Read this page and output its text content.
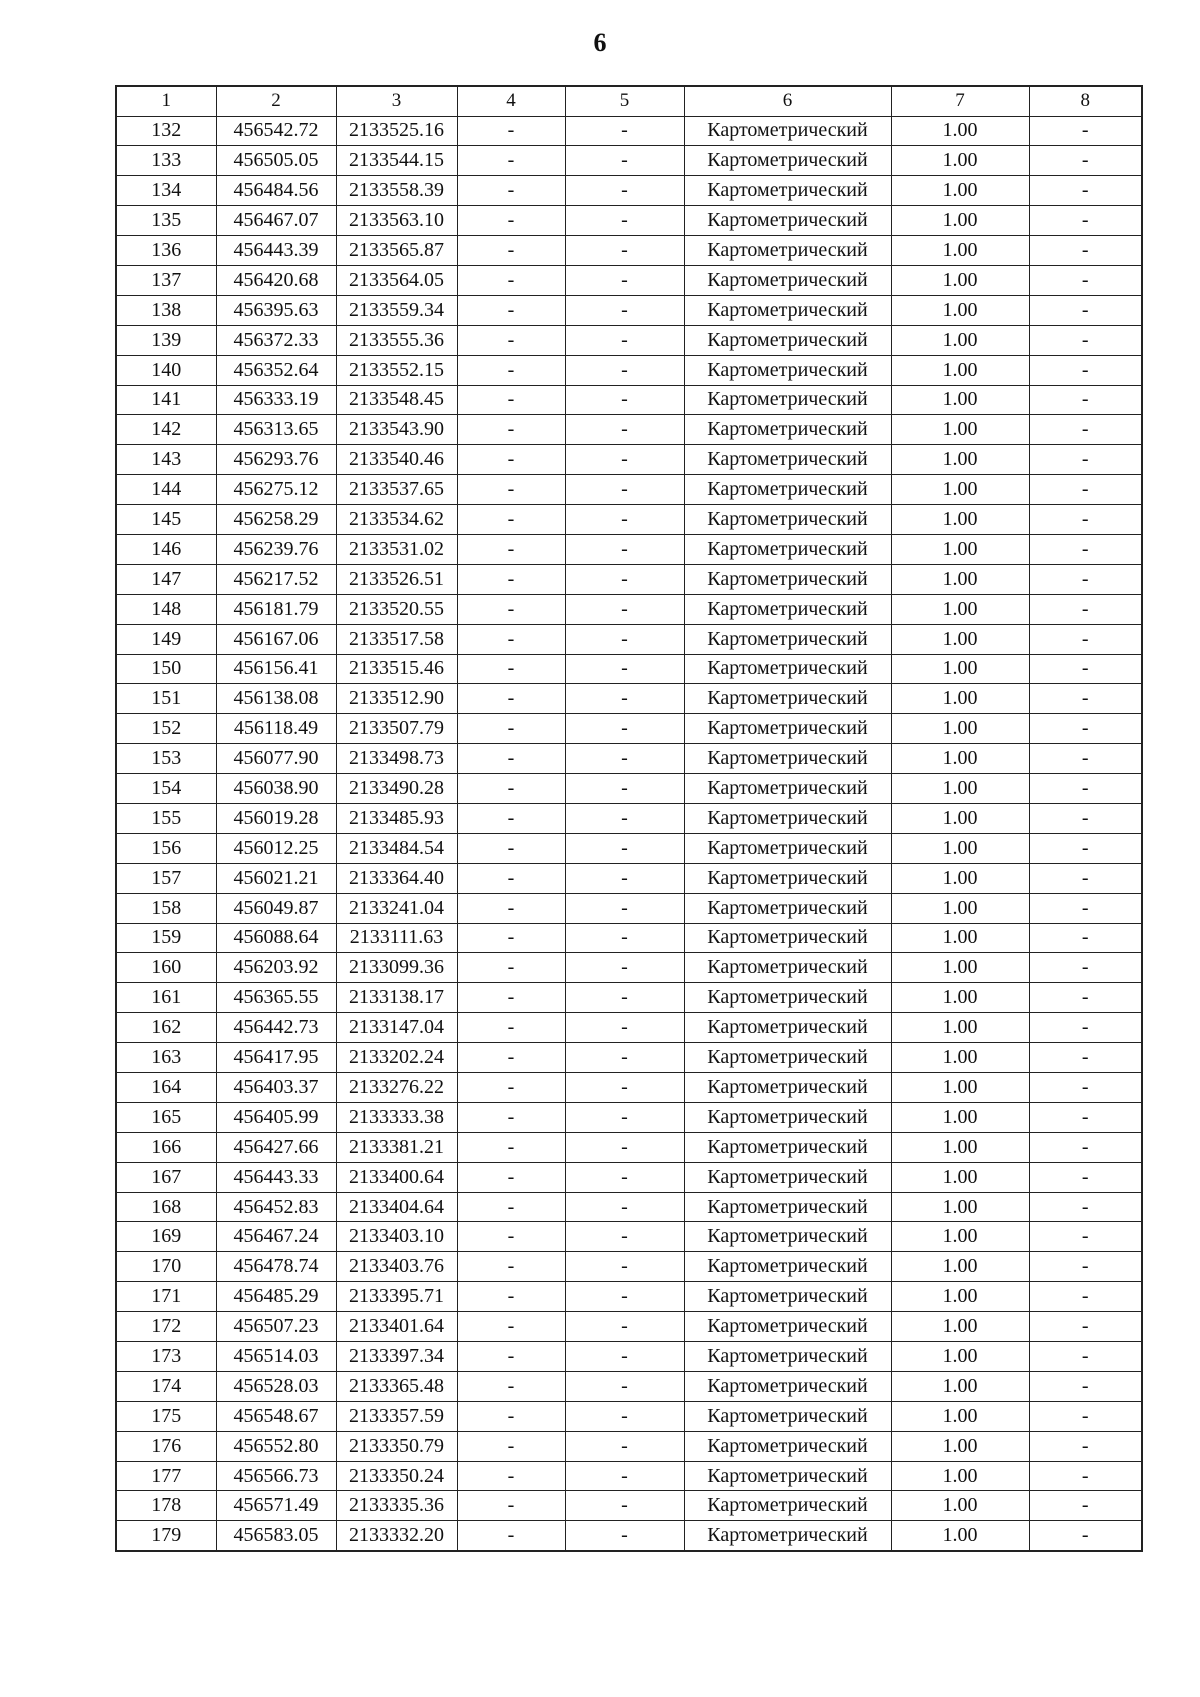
6
1	2	3	4	5	6	7	8
132	456542.72	2133525.16	-	-	Картометрический	1.00	-
133	456505.05	2133544.15	-	-	Картометрический	1.00	-
134	456484.56	2133558.39	-	-	Картометрический	1.00	-
135	456467.07	2133563.10	-	-	Картометрический	1.00	-
136	456443.39	2133565.87	-	-	Картометрический	1.00	-
137	456420.68	2133564.05	-	-	Картометрический	1.00	-
138	456395.63	2133559.34	-	-	Картометрический	1.00	-
139	456372.33	2133555.36	-	-	Картометрический	1.00	-
140	456352.64	2133552.15	-	-	Картометрический	1.00	-
141	456333.19	2133548.45	-	-	Картометрический	1.00	-
142	456313.65	2133543.90	-	-	Картометрический	1.00	-
143	456293.76	2133540.46	-	-	Картометрический	1.00	-
144	456275.12	2133537.65	-	-	Картометрический	1.00	-
145	456258.29	2133534.62	-	-	Картометрический	1.00	-
146	456239.76	2133531.02	-	-	Картометрический	1.00	-
147	456217.52	2133526.51	-	-	Картометрический	1.00	-
148	456181.79	2133520.55	-	-	Картометрический	1.00	-
149	456167.06	2133517.58	-	-	Картометрический	1.00	-
150	456156.41	2133515.46	-	-	Картометрический	1.00	-
151	456138.08	2133512.90	-	-	Картометрический	1.00	-
152	456118.49	2133507.79	-	-	Картометрический	1.00	-
153	456077.90	2133498.73	-	-	Картометрический	1.00	-
154	456038.90	2133490.28	-	-	Картометрический	1.00	-
155	456019.28	2133485.93	-	-	Картометрический	1.00	-
156	456012.25	2133484.54	-	-	Картометрический	1.00	-
157	456021.21	2133364.40	-	-	Картометрический	1.00	-
158	456049.87	2133241.04	-	-	Картометрический	1.00	-
159	456088.64	2133111.63	-	-	Картометрический	1.00	-
160	456203.92	2133099.36	-	-	Картометрический	1.00	-
161	456365.55	2133138.17	-	-	Картометрический	1.00	-
162	456442.73	2133147.04	-	-	Картометрический	1.00	-
163	456417.95	2133202.24	-	-	Картометрический	1.00	-
164	456403.37	2133276.22	-	-	Картометрический	1.00	-
165	456405.99	2133333.38	-	-	Картометрический	1.00	-
166	456427.66	2133381.21	-	-	Картометрический	1.00	-
167	456443.33	2133400.64	-	-	Картометрический	1.00	-
168	456452.83	2133404.64	-	-	Картометрический	1.00	-
169	456467.24	2133403.10	-	-	Картометрический	1.00	-
170	456478.74	2133403.76	-	-	Картометрический	1.00	-
171	456485.29	2133395.71	-	-	Картометрический	1.00	-
172	456507.23	2133401.64	-	-	Картометрический	1.00	-
173	456514.03	2133397.34	-	-	Картометрический	1.00	-
174	456528.03	2133365.48	-	-	Картометрический	1.00	-
175	456548.67	2133357.59	-	-	Картометрический	1.00	-
176	456552.80	2133350.79	-	-	Картометрический	1.00	-
177	456566.73	2133350.24	-	-	Картометрический	1.00	-
178	456571.49	2133335.36	-	-	Картометрический	1.00	-
179	456583.05	2133332.20	-	-	Картометрический	1.00	-
